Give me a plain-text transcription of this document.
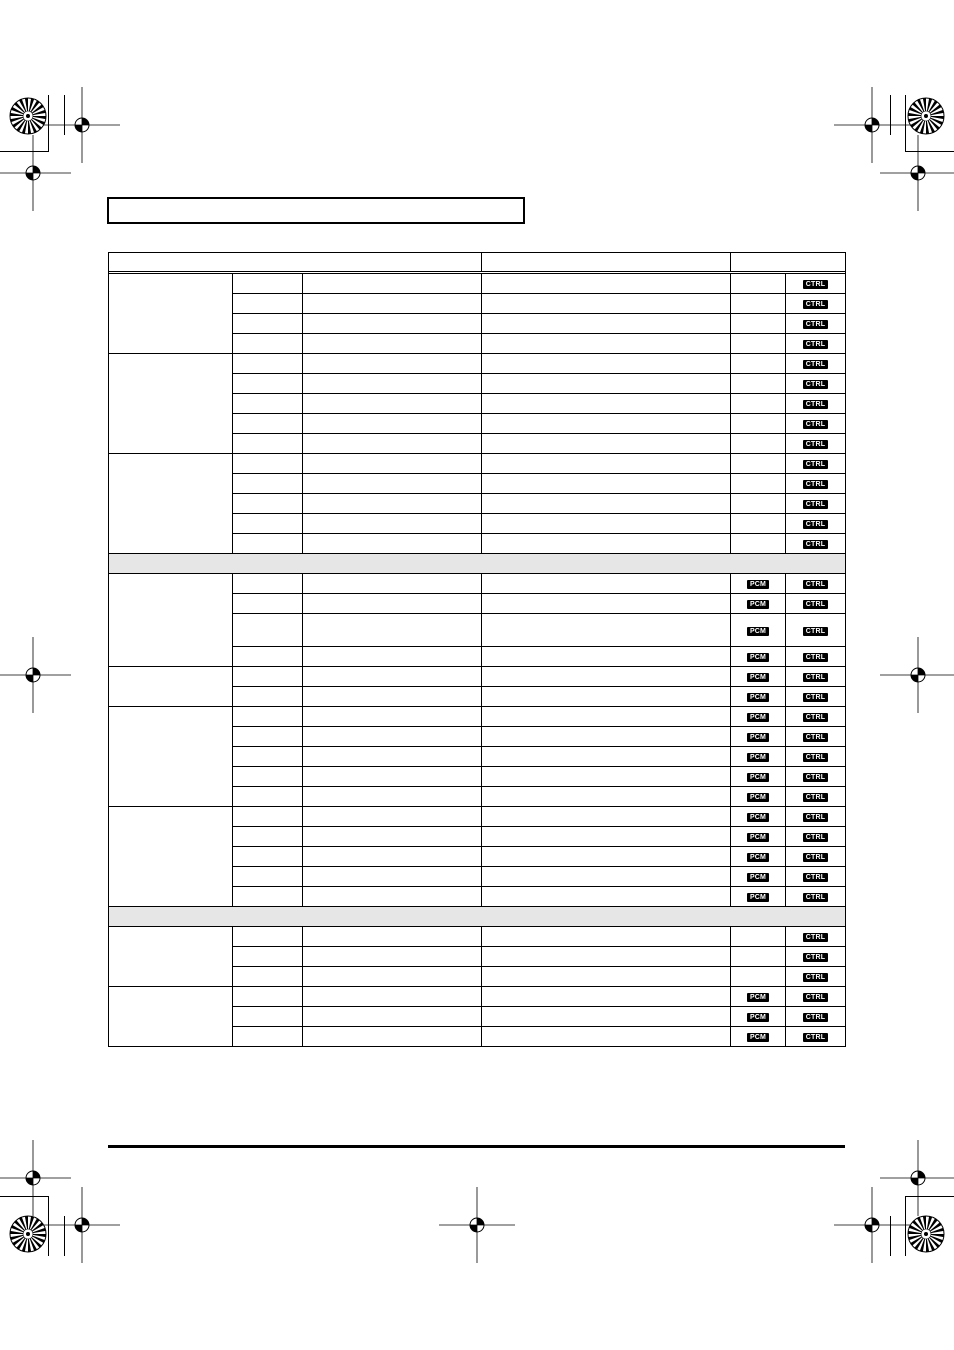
					CTRL
					CTRL
					CTRL
					CTRL
					CTRL
					CTRL
					CTRL
					CTRL
					CTRL
					CTRL
					CTRL
					CTRL
					CTRL
					CTRL

				PCM	CTRL
				PCM	CTRL
				PCM	CTRL
				PCM	CTRL
				PCM	CTRL
				PCM	CTRL
				PCM	CTRL
				PCM	CTRL
				PCM	CTRL
				PCM	CTRL
				PCM	CTRL
				PCM	CTRL
				PCM	CTRL
				PCM	CTRL
				PCM	CTRL
				PCM	CTRL

					CTRL
					CTRL
					CTRL
				PCM	CTRL
				PCM	CTRL
				PCM	CTRL
